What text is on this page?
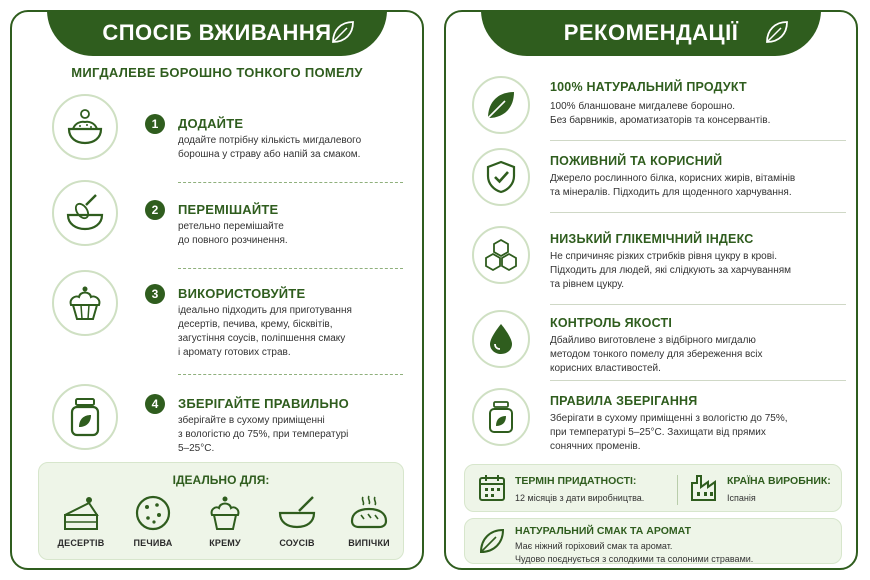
СПОСІБ ВЖИВАННЯ
МИГДАЛЕВЕ БОРОШНО ТОНКОГО ПОМЕЛУ
1	ДОДАЙТЕ
додайте потрібну кількість мигдалевого
борошна у страву або напій за смаком.
2	ПЕРЕМІШАЙТЕ
ретельно перемішайте
до повного розчинення.
3	ВИКОРИСТОВУЙТЕ
ідеально підходить для приготування
десертів, печива, крему, бісквітів,
загустіння соусів, поліпшення смаку
і аромату готових страв.
4	ЗБЕРІГАЙТЕ ПРАВИЛЬНО
зберігайте в сухому приміщенні
з вологістю до 75%, при температурі
5–25°С.
ІДЕАЛЬНО ДЛЯ:
ДЕСЕРТІВ	ПЕЧИВА	КРЕМУ	СОУСІВ	ВИПІЧКИ
РЕКОМЕНДАЦІЇ
100% НАТУРАЛЬНИЙ ПРОДУКТ
100% бланшоване мигдалеве борошно.
Без барвників, ароматизаторів та консервантів.
ПОЖИВНИЙ ТА КОРИСНИЙ
Джерело рослинного білка, корисних жирів, вітамінів
та мінералів. Підходить для щоденного харчування.
НИЗЬКИЙ ГЛІКЕМІЧНИЙ ІНДЕКС
Не спричиняє різких стрибків рівня цукру в крові.
Підходить для людей, які слідкують за харчуванням
та рівнем цукру.
КОНТРОЛЬ ЯКОСТІ
Дбайливо виготовлене з відбірного мигдалю
методом тонкого помелу для збереження всіх
корисних властивостей.
ПРАВИЛА ЗБЕРІГАННЯ
Зберігати в сухому приміщенні з вологістю до 75%,
при температурі 5–25°С. Захищати від прямих
сонячних променів.
ТЕРМІН ПРИДАТНОСТІ:
12 місяців з дати виробництва.
КРАЇНА ВИРОБНИК:
Іспанія
НАТУРАЛЬНИЙ СМАК ТА АРОМАТ
Має ніжний горіховий смак та аромат.
Чудово поєднується з солодкими та солоними стравами.
